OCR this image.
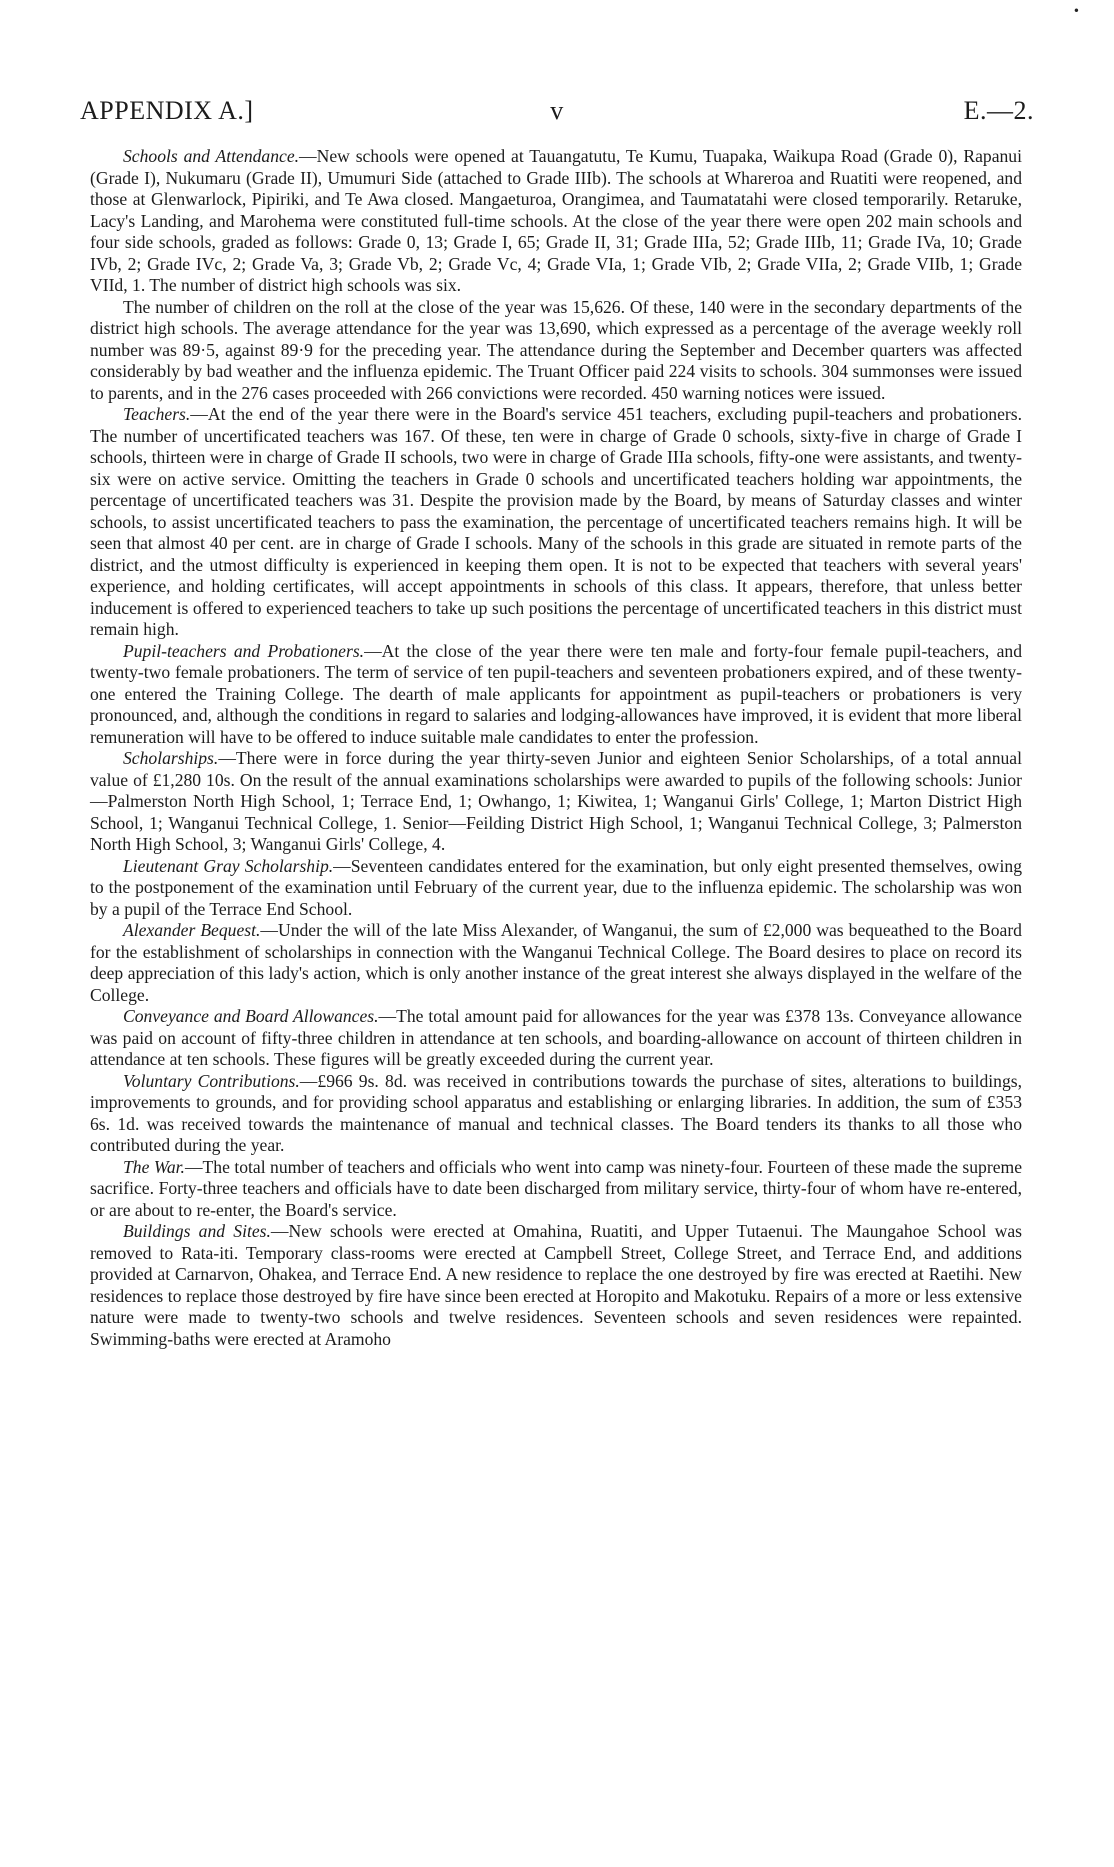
•
APPENDIX A.]	v	E.—2.

Schools and Attendance.—New schools were opened at Tauangatutu, Te Kumu, Tuapaka, Waikupa Road (Grade 0), Rapanui (Grade I), Nukumaru (Grade II), Umumuri Side (attached to Grade IIIb). The schools at Wharerоа and Ruatiti were reopened, and those at Glenwarlock, Pipiriki, and Te Awa closed. Mangaeturoa, Orangimea, and Taumatatahi were closed temporarily. Retaruke, Lacy's Landing, and Marohema were constituted full-time schools. At the close of the year there were open 202 main schools and four side schools, graded as follows: Grade 0, 13; Grade I, 65; Grade II, 31; Grade IIIa, 52; Grade IIIb, 11; Grade IVa, 10; Grade IVb, 2; Grade IVc, 2; Grade Va, 3; Grade Vb, 2; Grade Vc, 4; Grade VIa, 1; Grade VIb, 2; Grade VIIa, 2; Grade VIIb, 1; Grade VIId, 1. The number of district high schools was six.

The number of children on the roll at the close of the year was 15,626. Of these, 140 were in the secondary departments of the district high schools. The average attendance for the year was 13,690, which expressed as a percentage of the average weekly roll number was 89·5, against 89·9 for the preceding year. The attendance during the September and December quarters was affected considerably by bad weather and the influenza epidemic. The Truant Officer paid 224 visits to schools. 304 summonses were issued to parents, and in the 276 cases proceeded with 266 convictions were recorded. 450 warning notices were issued.

Teachers.—At the end of the year there were in the Board's service 451 teachers, excluding pupil-teachers and probationers. The number of uncertificated teachers was 167. Of these, ten were in charge of Grade 0 schools, sixty-five in charge of Grade I schools, thirteen were in charge of Grade II schools, two were in charge of Grade IIIa schools, fifty-one were assistants, and twenty-six were on active service. Omitting the teachers in Grade 0 schools and uncertificated teachers holding war appointments, the percentage of uncertificated teachers was 31. Despite the provision made by the Board, by means of Saturday classes and winter schools, to assist uncertificated teachers to pass the examination, the percentage of uncertificated teachers remains high. It will be seen that almost 40 per cent. are in charge of Grade I schools. Many of the schools in this grade are situated in remote parts of the district, and the utmost difficulty is experienced in keeping them open. It is not to be expected that teachers with several years' experience, and holding certificates, will accept appointments in schools of this class. It appears, therefore, that unless better inducement is offered to experienced teachers to take up such positions the percentage of uncertificated teachers in this district must remain high.

Pupil-teachers and Probationers.—At the close of the year there were ten male and forty-four female pupil-teachers, and twenty-two female probationers. The term of service of ten pupil-teachers and seventeen probationers expired, and of these twenty-one entered the Training College. The dearth of male applicants for appointment as pupil-teachers or probationers is very pronounced, and, although the conditions in regard to salaries and lodging-allowances have improved, it is evident that more liberal remuneration will have to be offered to induce suitable male candidates to enter the profession.

Scholarships.—There were in force during the year thirty-seven Junior and eighteen Senior Scholarships, of a total annual value of £1,280 10s. On the result of the annual examinations scholarships were awarded to pupils of the following schools: Junior—Palmerston North High School, 1; Terrace End, 1; Owhango, 1; Kiwitea, 1; Wanganui Girls' College, 1; Marton District High School, 1; Wanganui Technical College, 1. Senior—Feilding District High School, 1; Wanganui Technical College, 3; Palmerston North High School, 3; Wanganui Girls' College, 4.

Lieutenant Gray Scholarship.—Seventeen candidates entered for the examination, but only eight presented themselves, owing to the postponement of the examination until February of the current year, due to the influenza epidemic. The scholarship was won by a pupil of the Terrace End School.

Alexander Bequest.—Under the will of the late Miss Alexander, of Wanganui, the sum of £2,000 was bequeathed to the Board for the establishment of scholarships in connection with the Wanganui Technical College. The Board desires to place on record its deep appreciation of this lady's action, which is only another instance of the great interest she always displayed in the welfare of the College.

Conveyance and Board Allowances.—The total amount paid for allowances for the year was £378 13s. Conveyance allowance was paid on account of fifty-three children in attendance at ten schools, and boarding-allowance on account of thirteen children in attendance at ten schools. These figures will be greatly exceeded during the current year.

Voluntary Contributions.—£966 9s. 8d. was received in contributions towards the purchase of sites, alterations to buildings, improvements to grounds, and for providing school apparatus and establishing or enlarging libraries. In addition, the sum of £353 6s. 1d. was received towards the maintenance of manual and technical classes. The Board tenders its thanks to all those who contributed during the year.

The War.—The total number of teachers and officials who went into camp was ninety-four. Fourteen of these made the supreme sacrifice. Forty-three teachers and officials have to date been discharged from military service, thirty-four of whom have re-entered, or are about to re-enter, the Board's service.

Buildings and Sites.—New schools were erected at Omahina, Ruatiti, and Upper Tutaenui. The Maungahoe School was removed to Rata-iti. Temporary class-rooms were erected at Campbell Street, College Street, and Terrace End, and additions provided at Carnarvon, Ohakea, and Terrace End. A new residence to replace the one destroyed by fire was erected at Raetihi. New residences to replace those destroyed by fire have since been erected at Horopito and Makotuku. Repairs of a more or less extensive nature were made to twenty-two schools and twelve residences. Seventeen schools and seven residences were repainted. Swimming-baths were erected at Aramoho
